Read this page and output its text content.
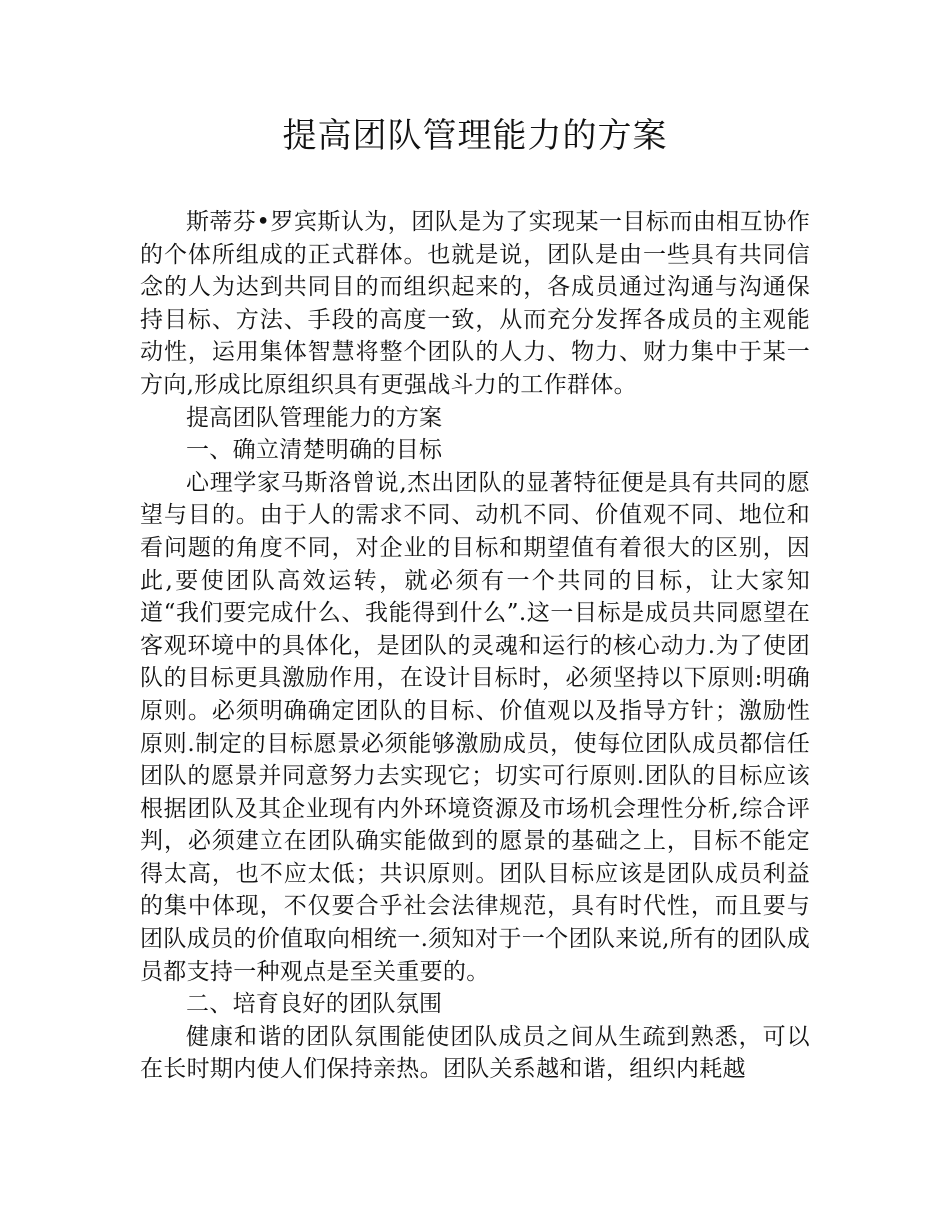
提高团队管理能力的方案

斯蒂芬•罗宾斯认为，团队是为了实现某一目标而由相互协作的个体所组成的正式群体。也就是说，团队是由一些具有共同信念的人为达到共同目的而组织起来的，各成员通过沟通与沟通保持目标、方法、手段的高度一致，从而充分发挥各成员的主观能动性，运用集体智慧将整个团队的人力、物力、财力集中于某一方向,形成比原组织具有更强战斗力的工作群体。

提高团队管理能力的方案

一、确立清楚明确的目标

心理学家马斯洛曾说,杰出团队的显著特征便是具有共同的愿望与目的。由于人的需求不同、动机不同、价值观不同、地位和看问题的角度不同，对企业的目标和期望值有着很大的区别，因此,要使团队高效运转，就必须有一个共同的目标，让大家知道“我们要完成什么、我能得到什么”.这一目标是成员共同愿望在客观环境中的具体化，是团队的灵魂和运行的核心动力.为了使团队的目标更具激励作用，在设计目标时，必须坚持以下原则:明确原则。必须明确确定团队的目标、价值观以及指导方针；激励性原则.制定的目标愿景必须能够激励成员，使每位团队成员都信任团队的愿景并同意努力去实现它；切实可行原则.团队的目标应该根据团队及其企业现有内外环境资源及市场机会理性分析,综合评判，必须建立在团队确实能做到的愿景的基础之上，目标不能定得太高，也不应太低；共识原则。团队目标应该是团队成员利益的集中体现，不仅要合乎社会法律规范，具有时代性，而且要与团队成员的价值取向相统一.须知对于一个团队来说,所有的团队成员都支持一种观点是至关重要的。

二、培育良好的团队氛围

健康和谐的团队氛围能使团队成员之间从生疏到熟悉，可以在长时期内使人们保持亲热。团队关系越和谐，组织内耗越
